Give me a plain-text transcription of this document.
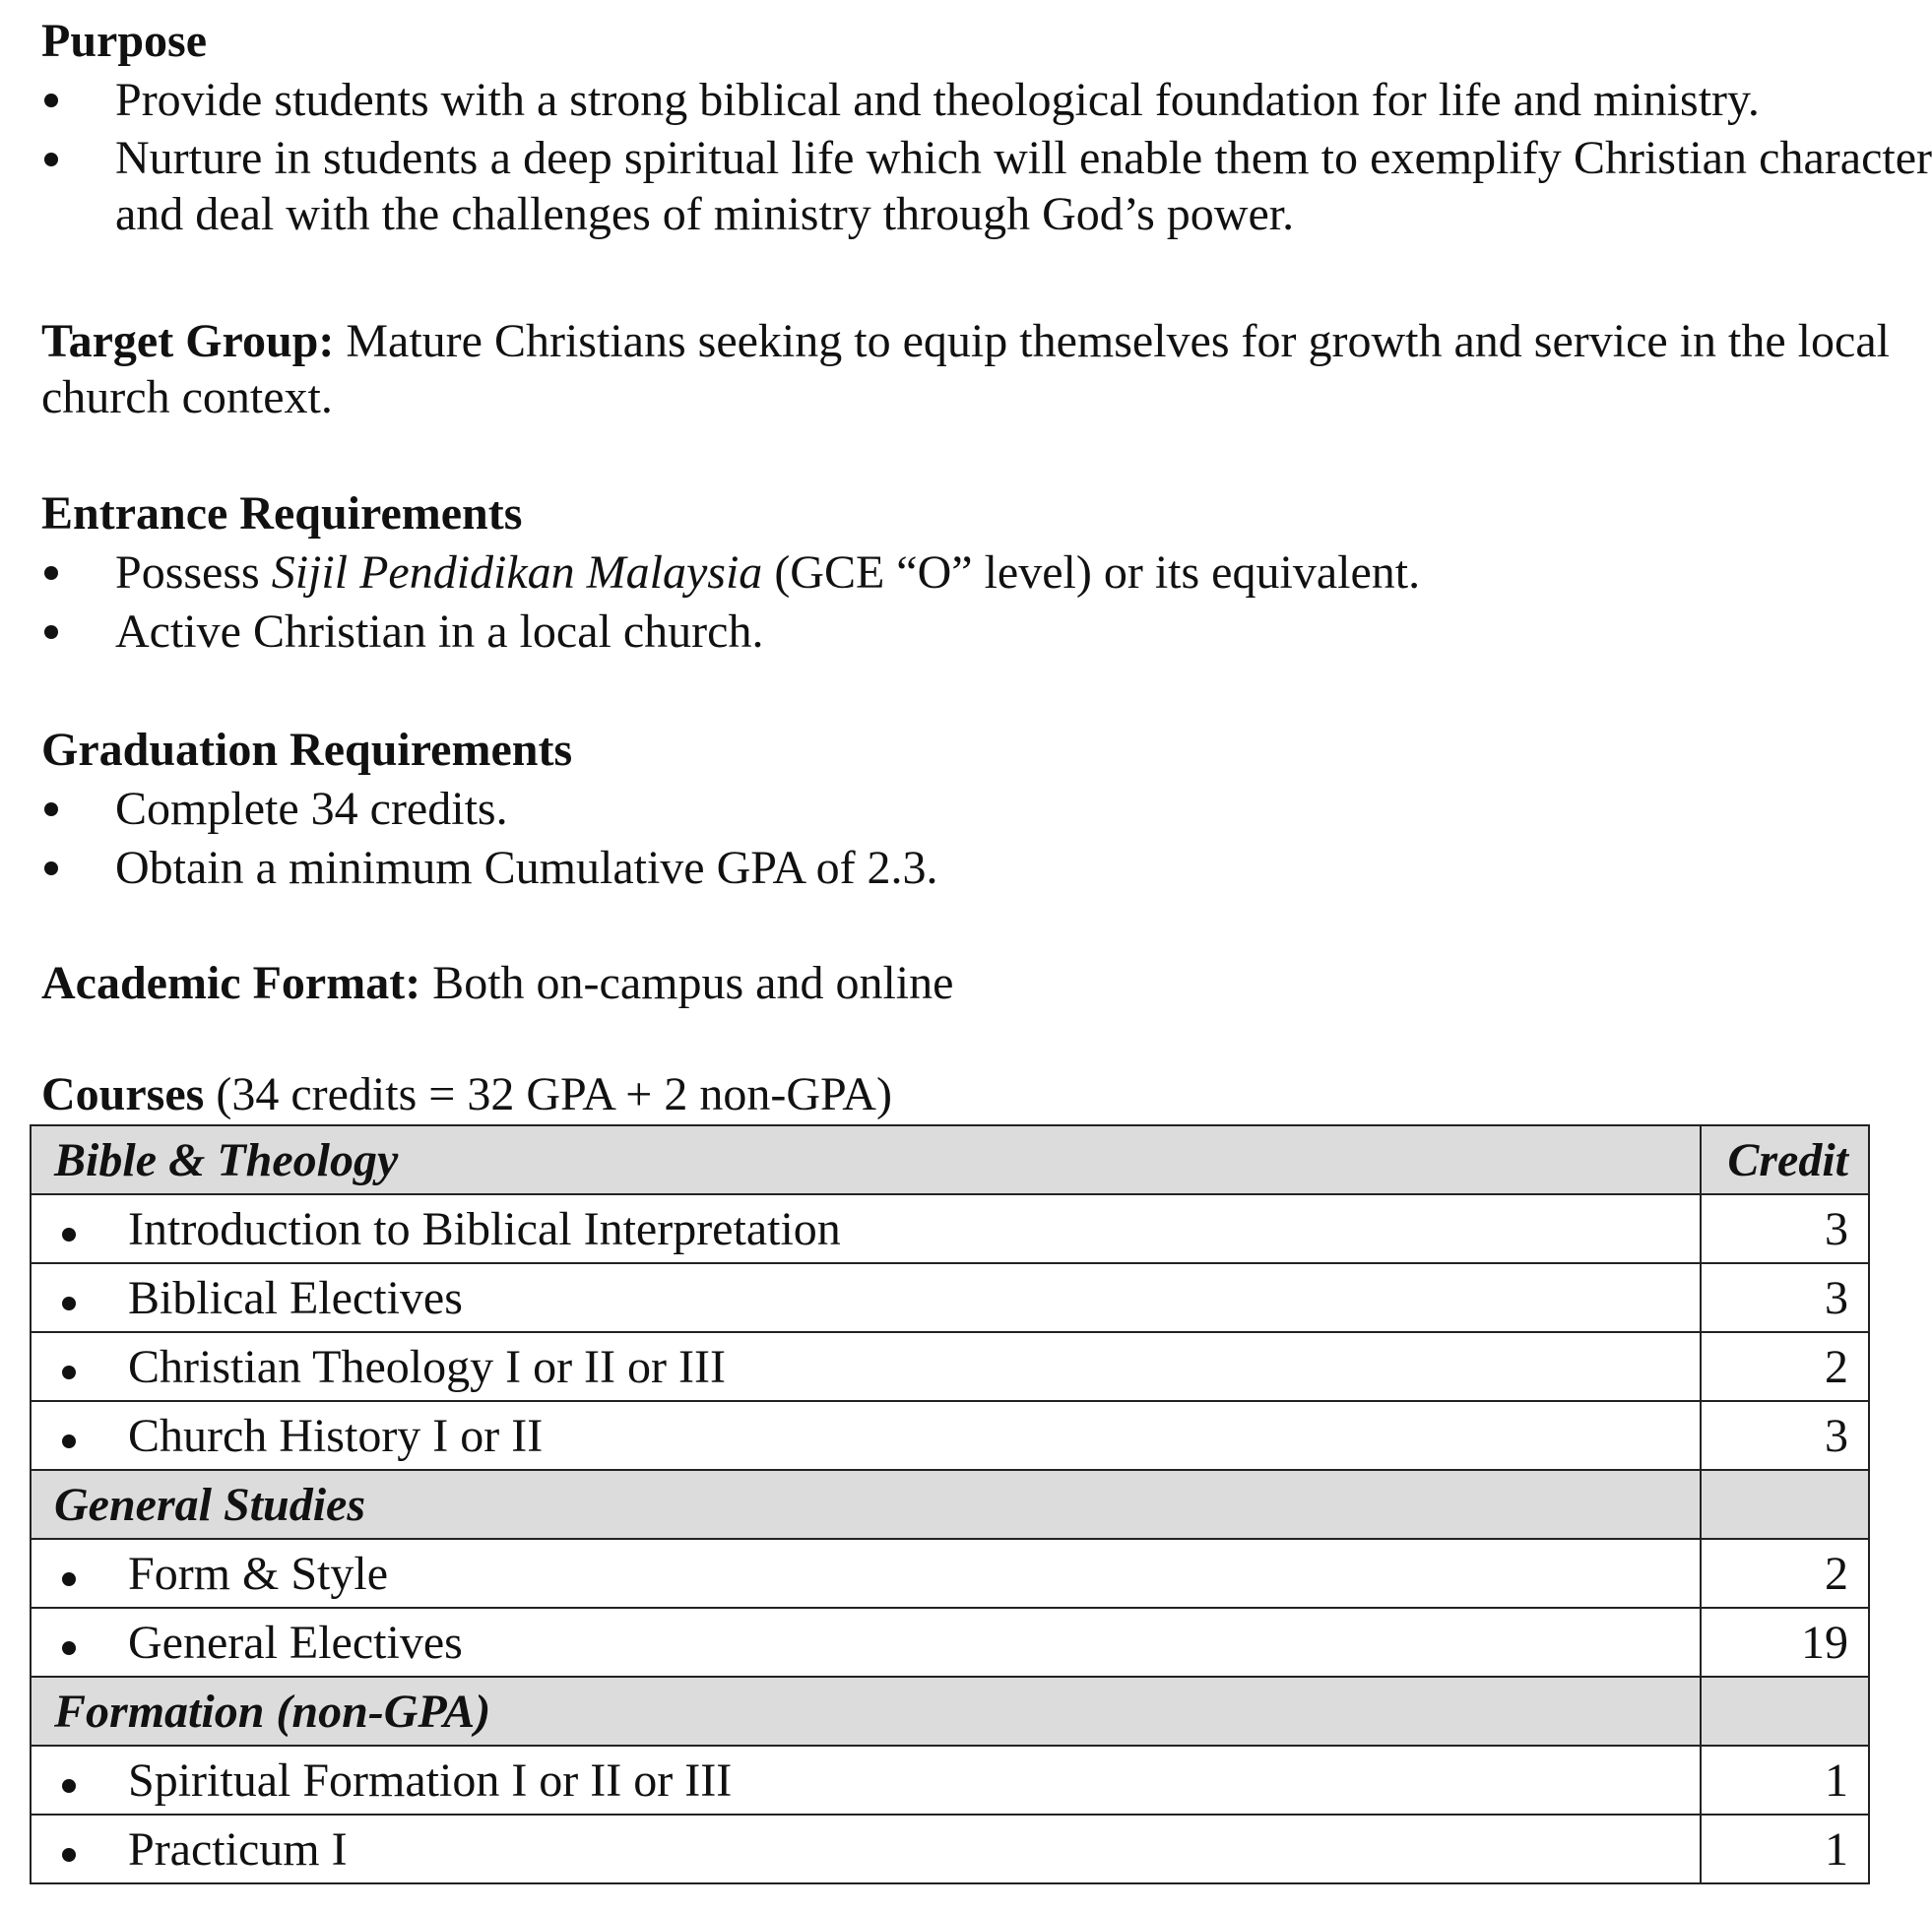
Purpose

Provide students with a strong biblical and theological foundation for life and ministry.
Nurture in students a deep spiritual life which will enable them to exemplify Christian character and deal with the challenges of ministry through God’s power.

Target Group: Mature Christians seeking to equip themselves for growth and service in the local church context.

Entrance Requirements

Possess Sijil Pendidikan Malaysia (GCE “O” level) or its equivalent.
Active Christian in a local church.

Graduation Requirements

Complete 34 credits.
Obtain a minimum Cumulative GPA of 2.3.

Academic Format: Both on-campus and online

Courses (34 credits = 32 GPA + 2 non-GPA)

Bible & Theology	Credit

Introduction to Biblical Interpretation	3

Biblical Electives	3

Christian Theology I or II or III	2

Church History I or II	3
General Studies	

Form & Style	2

General Electives	19
Formation (non-GPA)	

Spiritual Formation I or II or III	1

Practicum I	1
